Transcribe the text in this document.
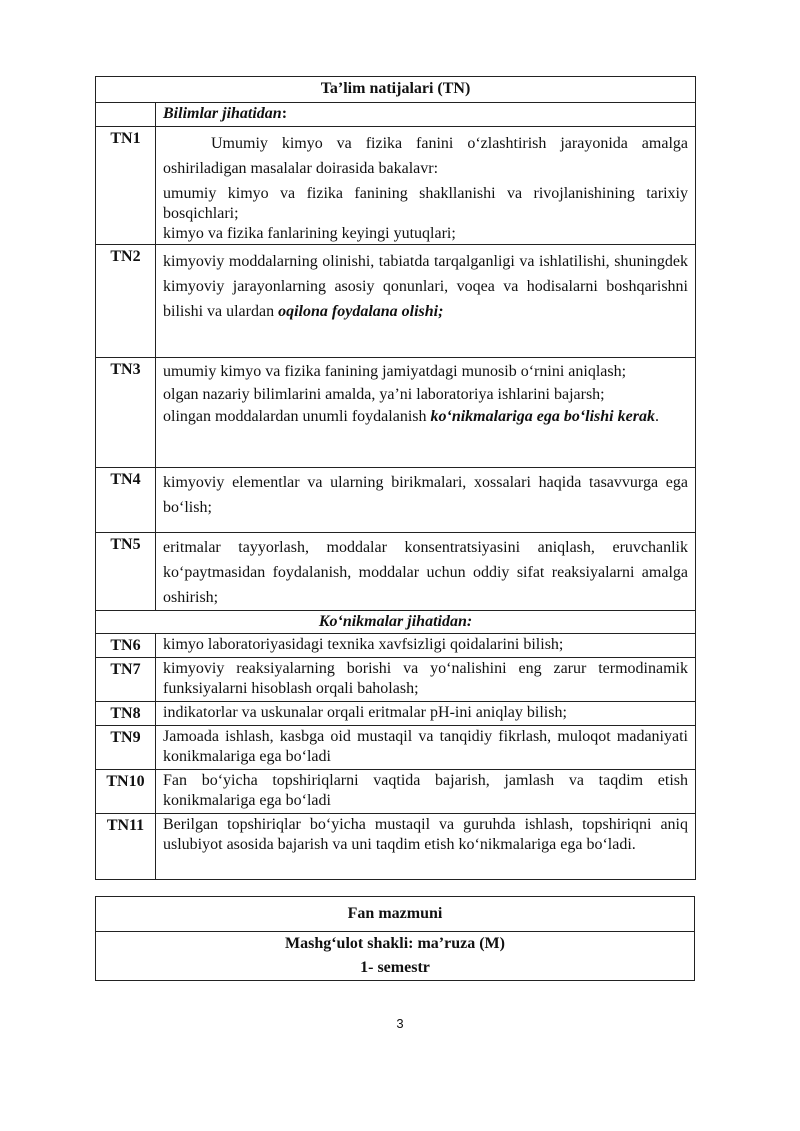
Ta’lim natijalari (TN)	
	Bilimlar jihatidan:
TN1	Umumiy kimyo va fizika fanini o‘zlashtirish jarayonida amalga oshiriladigan masalalar doirasida bakalavr:
umumiy kimyo va fizika fanining shakllanishi va rivojlanishining tarixiy bosqichlari;
kimyo va fizika fanlarining keyingi yutuqlari;

TN2	kimyoviy moddalarning olinishi, tabiatda tarqalganligi va ishlatilishi, shuningdek kimyoviy jarayonlarning asosiy qonunlari, voqea va hodisalarni boshqarishni bilishi va ulardan oqilona foydalana olishi;

TN3	umumiy kimyo va fizika fanining jamiyatdagi munosib o‘rnini aniqlash;
olgan nazariy bilimlarini amalda, ya’ni laboratoriya ishlarini bajarsh;
olingan moddalardan unumli foydalanish ko‘nikmalariga ega bo‘lishi kerak.

TN4	kimyoviy elementlar va ularning birikmalari, xossalari haqida tasavvurga ega bo‘lish;

TN5	eritmalar tayyorlash, moddalar konsentratsiyasini aniqlash, eruvchanlik ko‘paytmasidan foydalanish, moddalar uchun oddiy sifat reaksiyalarni amalga oshirish;

Ko‘nikmalar jihatidan:	
TN6	kimyo laboratoriyasidagi texnika xavfsizligi qoidalarini bilish;

TN7	kimyoviy reaksiyalarning borishi va yo‘nalishini eng zarur termodinamik funksiyalarni hisoblash orqali baholash;

TN8	indikatorlar va uskunalar orqali eritmalar pH-ini aniqlay bilish;

TN9	Jamoada ishlash, kasbga oid mustaqil va tanqidiy fikrlash, muloqot madaniyati konikmalariga ega bo‘ladi

TN10	Fan bo‘yicha topshiriqlarni vaqtida bajarish, jamlash va taqdim etish konikmalariga ega bo‘ladi

TN11	Berilgan topshiriqlar bo‘yicha mustaqil va guruhda ishlash, topshiriqni aniq uslubiyot asosida bajarish va uni taqdim etish ko‘nikmalariga ega bo‘ladi.
Fan mazmuni

Mashg‘ulot shakli: ma’ruza (M)
1- semestr
3
